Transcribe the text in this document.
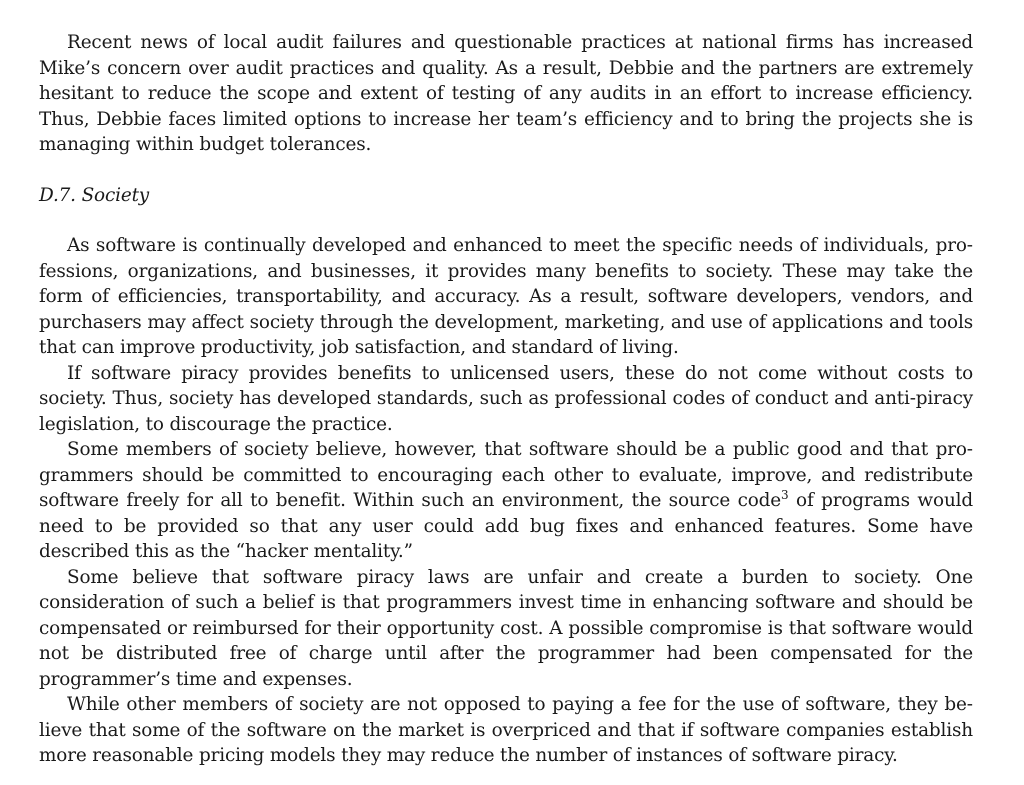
Recent news of local audit failures and questionable practices at national firms has increased Mike’s concern over audit practices and quality. As a result, Debbie and the partners are extremely hesitant to reduce the scope and extent of testing of any audits in an effort to increase efficiency. Thus, Debbie faces limited options to increase her team’s efficiency and to bring the projects she is managing within budget tolerances.

D.7. Society

As software is continually developed and enhanced to meet the specific needs of individuals, professions, organizations, and businesses, it provides many benefits to society. These may take the form of efficiencies, transportability, and accuracy. As a result, software developers, vendors, and purchasers may affect society through the development, marketing, and use of applications and tools that can improve productivity, job satisfaction, and standard of living.

If software piracy provides benefits to unlicensed users, these do not come without costs to society. Thus, society has developed standards, such as professional codes of conduct and anti-piracy legislation, to discourage the practice.

Some members of society believe, however, that software should be a public good and that programmers should be committed to encouraging each other to evaluate, improve, and redistribute software freely for all to benefit. Within such an environment, the source code$^3$ of programs would need to be provided so that any user could add bug fixes and enhanced features. Some have described this as the “hacker mentality.”

Some believe that software piracy laws are unfair and create a burden to society. One consideration of such a belief is that programmers invest time in enhancing software and should be compensated or reimbursed for their opportunity cost. A possible compromise is that software would not be distributed free of charge until after the programmer had been compensated for the programmer’s time and expenses.

While other members of society are not opposed to paying a fee for the use of software, they believe that some of the software on the market is overpriced and that if software companies establish more reasonable pricing models they may reduce the number of instances of software piracy.
